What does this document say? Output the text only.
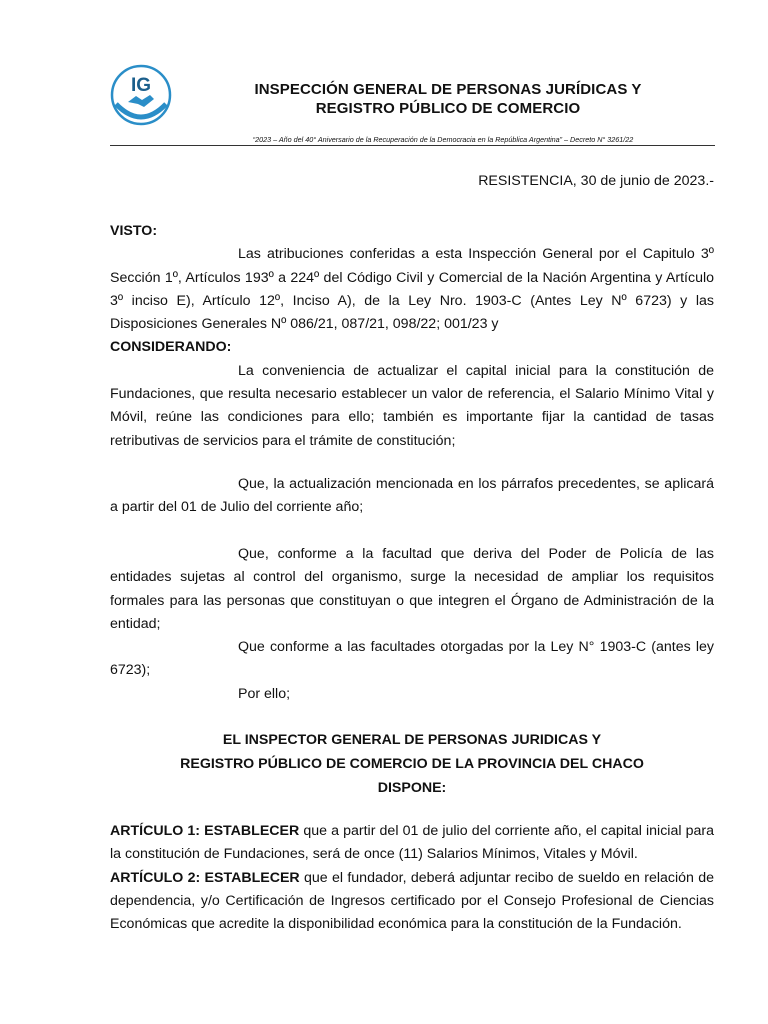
IG	INSPECCIÓN GENERAL DE PERSONAS JURÍDICAS Y
REGISTRO PÚBLICO DE COMERCIO
“2023 – Año del 40° Aniversario de la Recuperación de la Democracia en la República Argentina” – Decreto N° 3261/22
RESISTENCIA, 30 de junio de 2023.-

VISTO:

Las atribuciones conferidas a esta Inspección General por el Capitulo 3º Sección 1º, Artículos 193º a 224º del Código Civil y Comercial de la Nación Argentina y Artículo 3º inciso E), Artículo 12º, Inciso A), de la Ley Nro. 1903-C (Antes Ley Nº 6723) y las Disposiciones Generales Nº 086/21, 087/21, 098/22; 001/23 y

CONSIDERANDO:

La conveniencia de actualizar el capital inicial para la constitución de Fundaciones, que resulta necesario establecer un valor de referencia, el Salario Mínimo Vital y Móvil, reúne las condiciones para ello; también es importante fijar la cantidad de tasas retributivas de servicios para el trámite de constitución;

Que, la actualización mencionada en los párrafos precedentes, se aplicará a partir del 01 de Julio del corriente año;

Que, conforme a la facultad que deriva del Poder de Policía de las entidades sujetas al control del organismo, surge la necesidad de ampliar los requisitos formales para las personas que constituyan o que integren el Órgano de Administración de la entidad;

Que conforme a las facultades otorgadas por la Ley N° 1903-C (antes ley 6723);

Por ello;

EL INSPECTOR GENERAL DE PERSONAS JURIDICAS Y
REGISTRO PÚBLICO DE COMERCIO DE LA PROVINCIA DEL CHACO
DISPONE:

ARTÍCULO 1: ESTABLECER que a partir del 01 de julio del corriente año, el capital inicial para la constitución de Fundaciones, será de once (11) Salarios Mínimos, Vitales y Móvil.

ARTÍCULO 2: ESTABLECER que el fundador, deberá adjuntar recibo de sueldo en relación de dependencia, y/o Certificación de Ingresos certificado por el Consejo Profesional de Ciencias Económicas que acredite la disponibilidad económica para la constitución de la Fundación.
